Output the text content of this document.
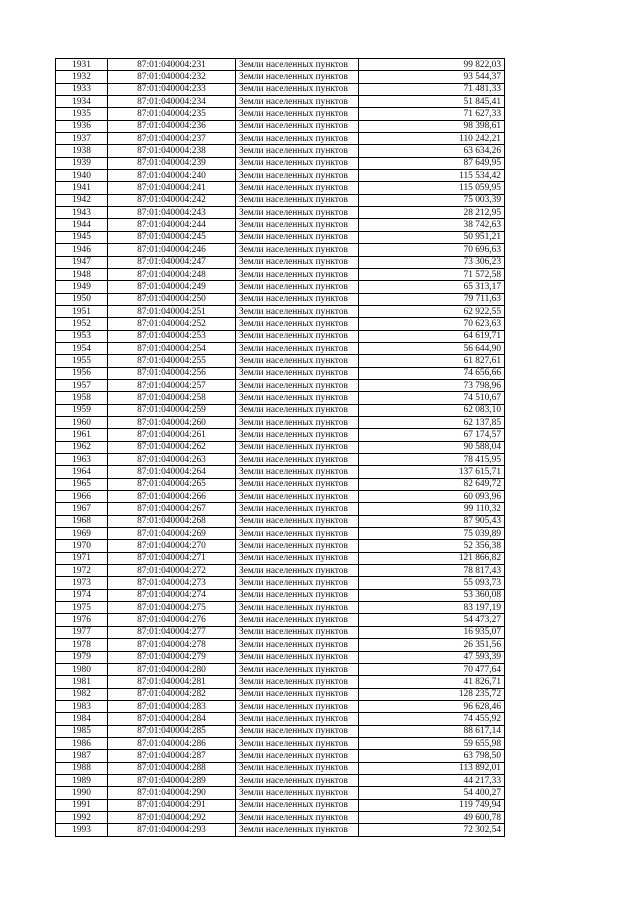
1931	87:01:040004:231	Земли населенных пунктов	99 822,03
1932	87:01:040004:232	Земли населенных пунктов	93 544,37
1933	87:01:040004:233	Земли населенных пунктов	71 481,33
1934	87:01:040004:234	Земли населенных пунктов	51 845,41
1935	87:01:040004:235	Земли населенных пунктов	71 627,33
1936	87:01:040004:236	Земли населенных пунктов	98 398,61
1937	87:01:040004:237	Земли населенных пунктов	110 242,21
1938	87:01:040004:238	Земли населенных пунктов	63 634,26
1939	87:01:040004:239	Земли населенных пунктов	87 649,95
1940	87:01:040004:240	Земли населенных пунктов	115 534,42
1941	87:01:040004:241	Земли населенных пунктов	115 059,95
1942	87:01:040004:242	Земли населенных пунктов	75 003,39
1943	87:01:040004:243	Земли населенных пунктов	28 212,95
1944	87:01:040004:244	Земли населенных пунктов	38 742,63
1945	87:01:040004:245	Земли населенных пунктов	50 951,21
1946	87:01:040004:246	Земли населенных пунктов	70 696,63
1947	87:01:040004:247	Земли населенных пунктов	73 306,23
1948	87:01:040004:248	Земли населенных пунктов	71 572,58
1949	87:01:040004:249	Земли населенных пунктов	65 313,17
1950	87:01:040004:250	Земли населенных пунктов	79 711,63
1951	87:01:040004:251	Земли населенных пунктов	62 922,55
1952	87:01:040004:252	Земли населенных пунктов	70 623,63
1953	87:01:040004:253	Земли населенных пунктов	64 619,71
1954	87:01:040004:254	Земли населенных пунктов	56 644,90
1955	87:01:040004:255	Земли населенных пунктов	61 827,61
1956	87:01:040004:256	Земли населенных пунктов	74 656,66
1957	87:01:040004:257	Земли населенных пунктов	73 798,96
1958	87:01:040004:258	Земли населенных пунктов	74 510,67
1959	87:01:040004:259	Земли населенных пунктов	62 083,10
1960	87:01:040004:260	Земли населенных пунктов	62 137,85
1961	87:01:040004:261	Земли населенных пунктов	67 174,57
1962	87:01:040004:262	Земли населенных пунктов	90 588,04
1963	87:01:040004:263	Земли населенных пунктов	78 415,95
1964	87:01:040004:264	Земли населенных пунктов	137 615,71
1965	87:01:040004:265	Земли населенных пунктов	82 649,72
1966	87:01:040004:266	Земли населенных пунктов	60 093,96
1967	87:01:040004:267	Земли населенных пунктов	99 110,32
1968	87:01:040004:268	Земли населенных пунктов	87 905,43
1969	87:01:040004:269	Земли населенных пунктов	75 039,89
1970	87:01:040004:270	Земли населенных пунктов	52 356,38
1971	87:01:040004:271	Земли населенных пунктов	121 866,82
1972	87:01:040004:272	Земли населенных пунктов	78 817,43
1973	87:01:040004:273	Земли населенных пунктов	55 093,73
1974	87:01:040004:274	Земли населенных пунктов	53 360,08
1975	87:01:040004:275	Земли населенных пунктов	83 197,19
1976	87:01:040004:276	Земли населенных пунктов	54 473,27
1977	87:01:040004:277	Земли населенных пунктов	16 935,07
1978	87:01:040004:278	Земли населенных пунктов	26 351,56
1979	87:01:040004:279	Земли населенных пунктов	47 593,39
1980	87:01:040004:280	Земли населенных пунктов	70 477,64
1981	87:01:040004:281	Земли населенных пунктов	41 826,71
1982	87:01:040004:282	Земли населенных пунктов	128 235,72
1983	87:01:040004:283	Земли населенных пунктов	96 628,46
1984	87:01:040004:284	Земли населенных пунктов	74 455,92
1985	87:01:040004:285	Земли населенных пунктов	88 617,14
1986	87:01:040004:286	Земли населенных пунктов	59 655,98
1987	87:01:040004:287	Земли населенных пунктов	63 798,50
1988	87:01:040004:288	Земли населенных пунктов	113 892,01
1989	87:01:040004:289	Земли населенных пунктов	44 217,33
1990	87:01:040004:290	Земли населенных пунктов	54 400,27
1991	87:01:040004:291	Земли населенных пунктов	119 749,94
1992	87:01:040004:292	Земли населенных пунктов	49 600,78
1993	87:01:040004:293	Земли населенных пунктов	72 302,54
